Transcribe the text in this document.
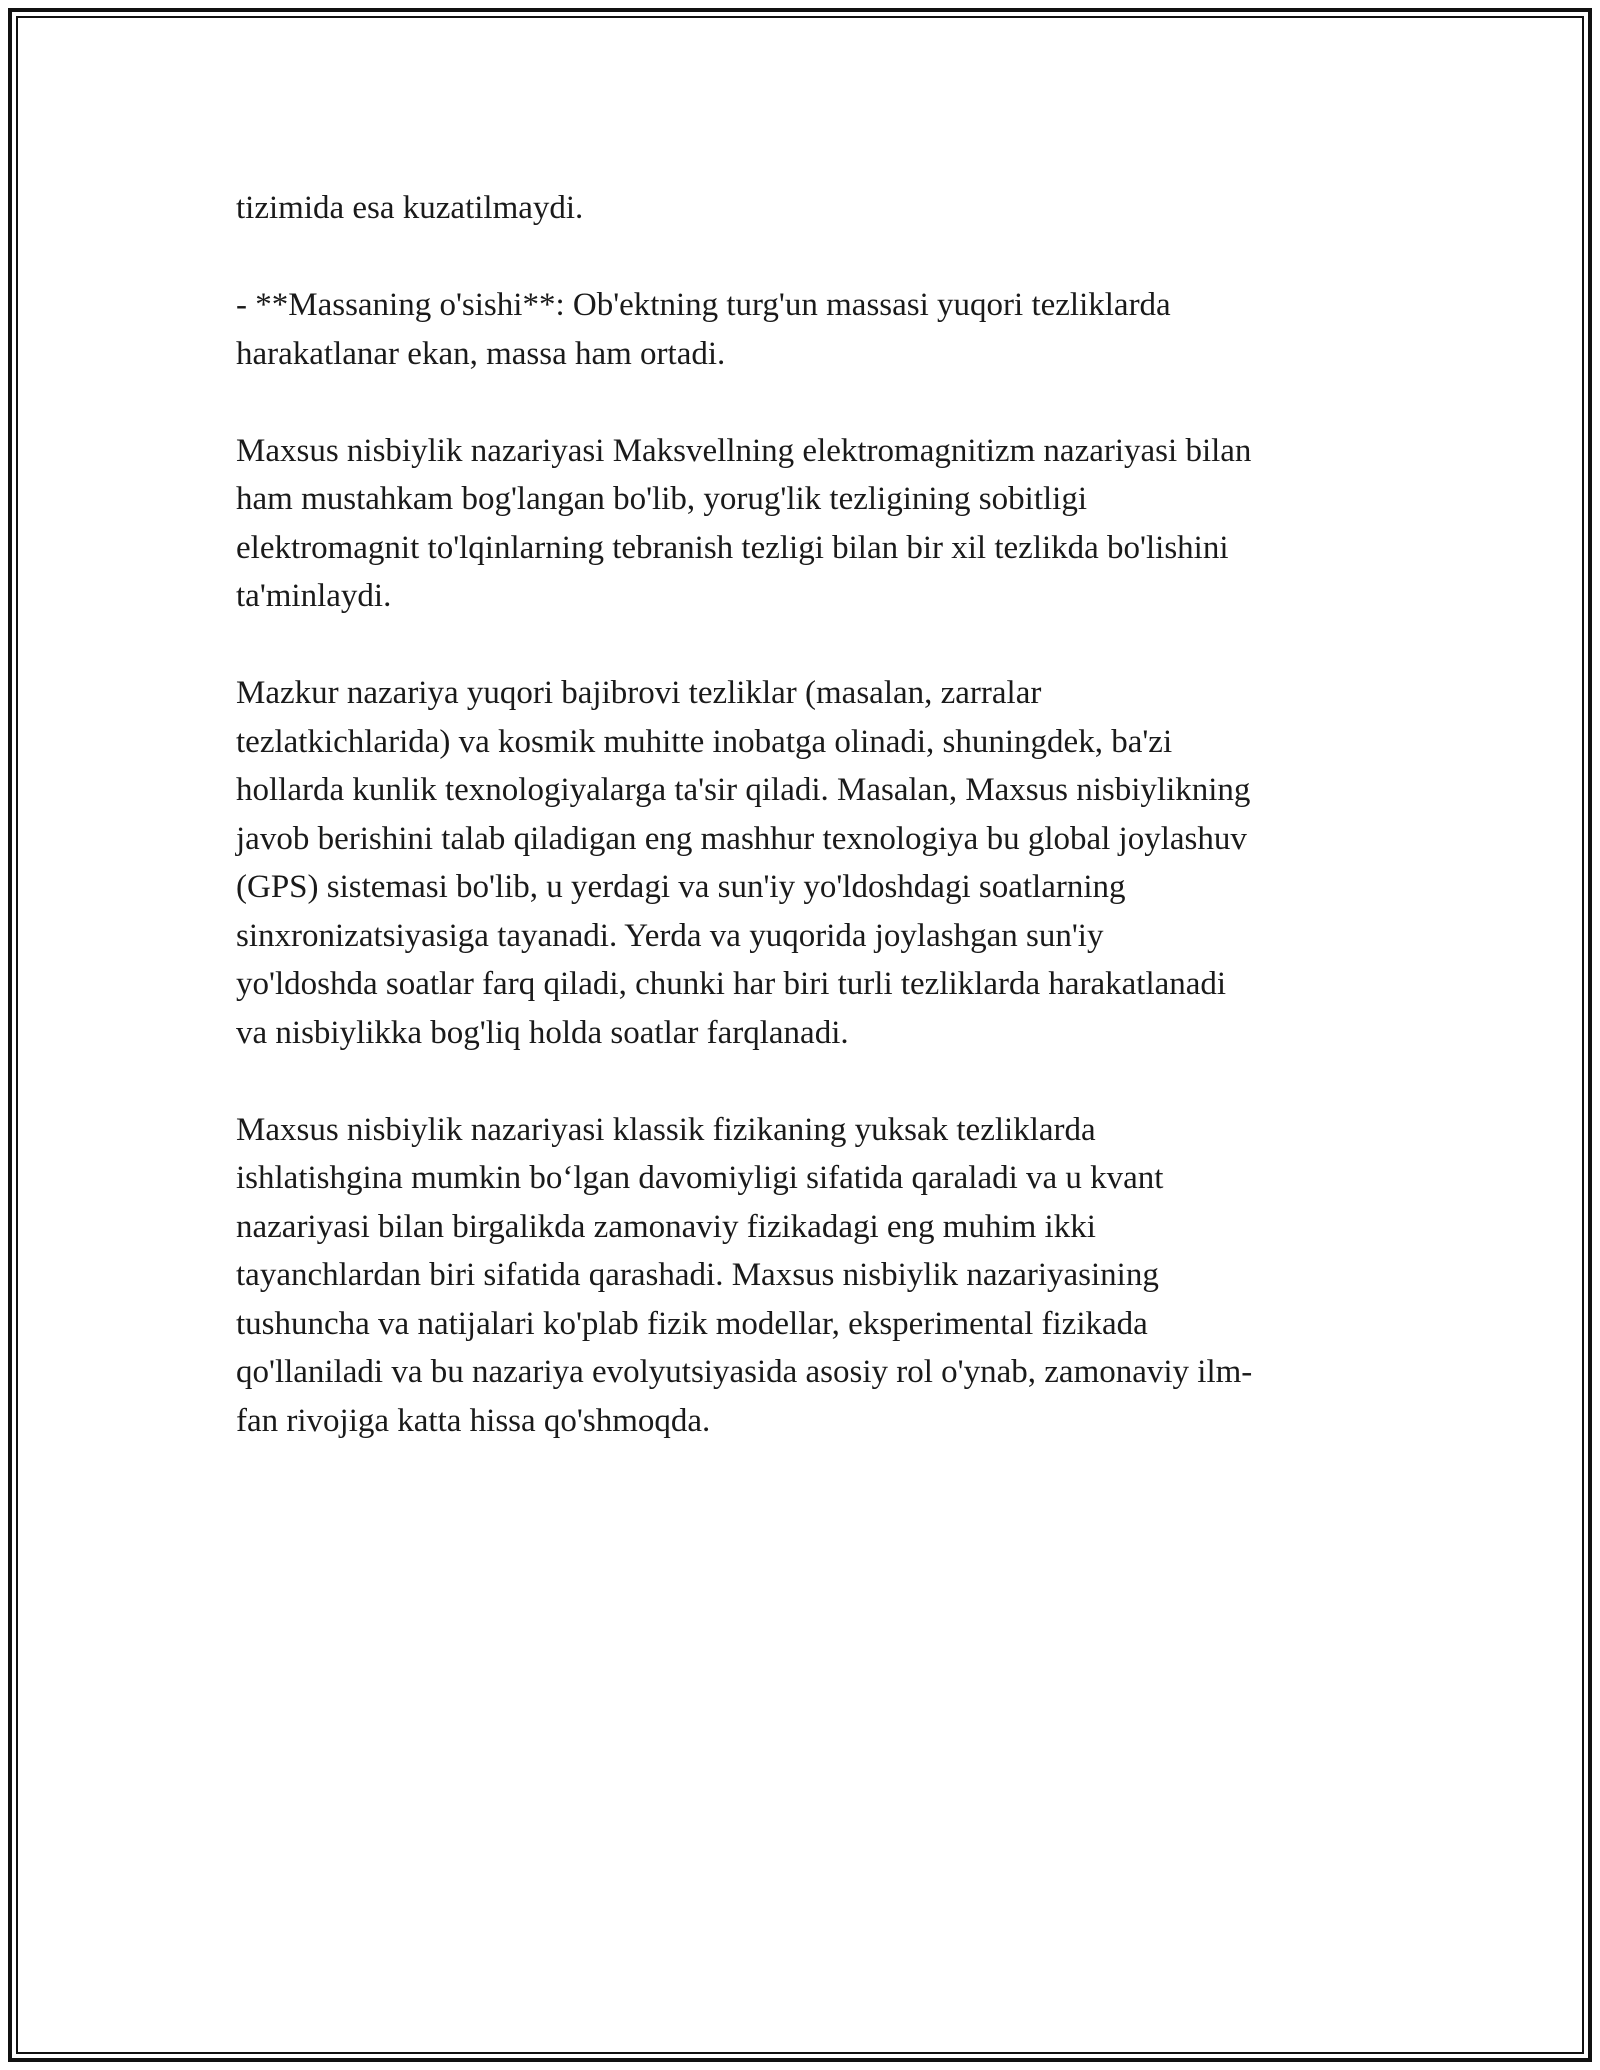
tizimida esa kuzatilmaydi.

- **Massaning o'sishi**: Ob'ektning turg'un massasi yuqori tezliklarda
harakatlanar ekan, massa ham ortadi.

Maxsus nisbiylik nazariyasi Maksvellning elektromagnitizm nazariyasi bilan
ham mustahkam bog'langan bo'lib, yorug'lik tezligining sobitligi
elektromagnit to'lqinlarning tebranish tezligi bilan bir xil tezlikda bo'lishini
ta'minlaydi.

Mazkur nazariya yuqori bajibrovi tezliklar (masalan, zarralar
tezlatkichlarida) va kosmik muhitte inobatga olinadi, shuningdek, ba'zi
hollarda kunlik texnologiyalarga ta'sir qiladi. Masalan, Maxsus nisbiylikning
javob berishini talab qiladigan eng mashhur texnologiya bu global joylashuv
(GPS) sistemasi bo'lib, u yerdagi va sun'iy yo'ldoshdagi soatlarning
sinxronizatsiyasiga tayanadi. Yerda va yuqorida joylashgan sun'iy
yo'ldoshda soatlar farq qiladi, chunki har biri turli tezliklarda harakatlanadi
va nisbiylikka bog'liq holda soatlar farqlanadi.

Maxsus nisbiylik nazariyasi klassik fizikaning yuksak tezliklarda
ishlatishgina mumkin bo‘lgan davomiyligi sifatida qaraladi va u kvant
nazariyasi bilan birgalikda zamonaviy fizikadagi eng muhim ikki
tayanchlardan biri sifatida qarashadi. Maxsus nisbiylik nazariyasining
tushuncha va natijalari ko'plab fizik modellar, eksperimental fizikada
qo'llaniladi va bu nazariya evolyutsiyasida asosiy rol o'ynab, zamonaviy ilm-
fan rivojiga katta hissa qo'shmoqda.
